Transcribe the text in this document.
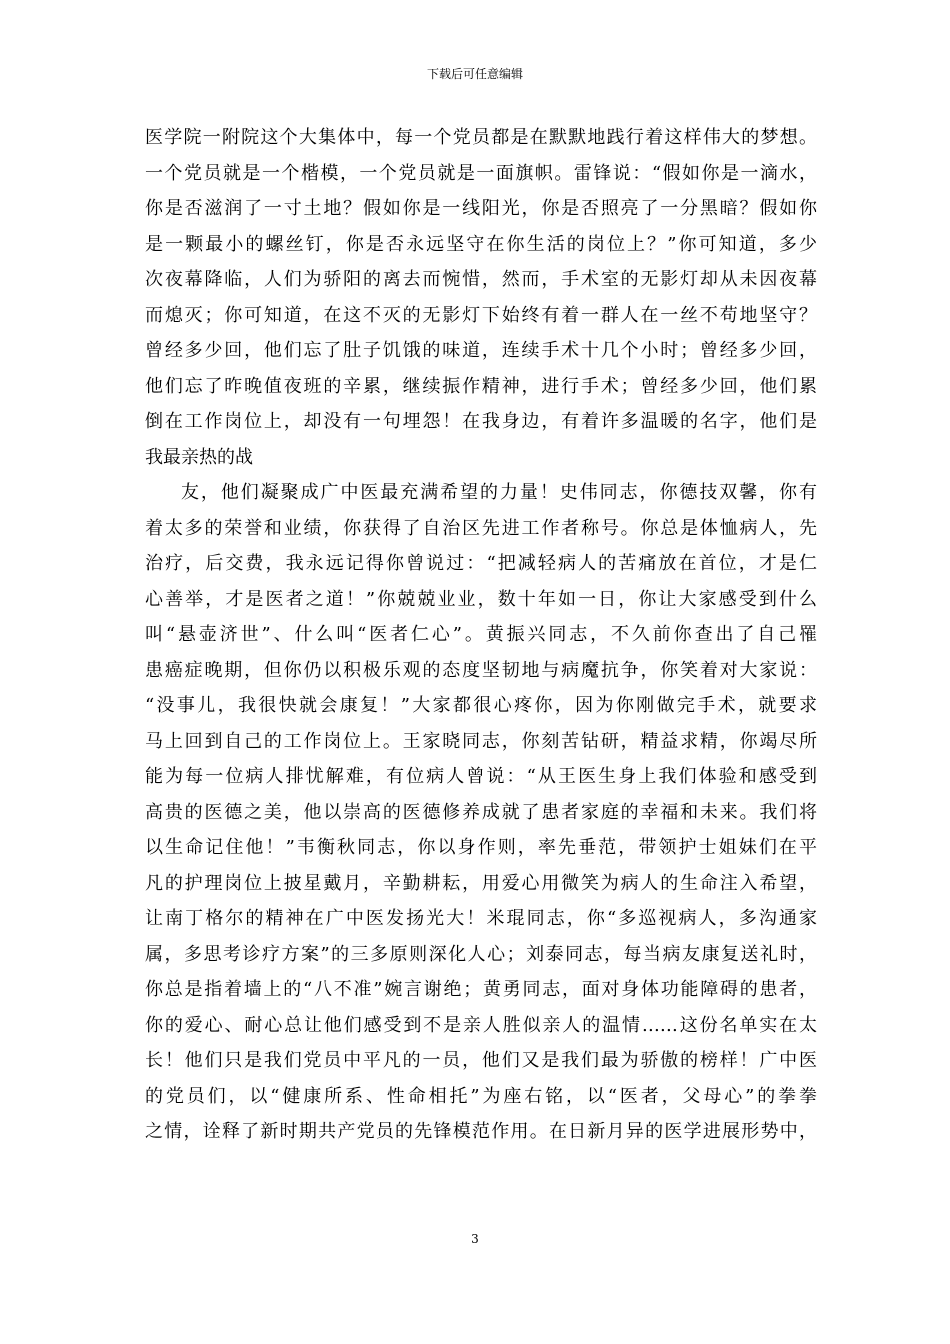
下载后可任意编辑
医学院一附院这个大集体中，每一个党员都是在默默地践行着这样伟大的梦想。
一个党员就是一个楷模，一个党员就是一面旗帜。雷锋说：“假如你是一滴水，
你是否滋润了一寸土地？假如你是一线阳光，你是否照亮了一分黑暗？假如你
是一颗最小的螺丝钉，你是否永远坚守在你生活的岗位上？”你可知道，多少
次夜幕降临，人们为骄阳的离去而惋惜，然而，手术室的无影灯却从未因夜幕
而熄灭；你可知道，在这不灭的无影灯下始终有着一群人在一丝不苟地坚守？
曾经多少回，他们忘了肚子饥饿的味道，连续手术十几个小时；曾经多少回，
他们忘了昨晚值夜班的辛累，继续振作精神，进行手术；曾经多少回，他们累
倒在工作岗位上，却没有一句埋怨！在我身边，有着许多温暖的名字，他们是
我最亲热的战
友，他们凝聚成广中医最充满希望的力量！史伟同志，你德技双馨，你有
着太多的荣誉和业绩，你获得了自治区先进工作者称号。你总是体恤病人，先
治疗，后交费，我永远记得你曾说过：“把减轻病人的苦痛放在首位，才是仁
心善举，才是医者之道！”你兢兢业业，数十年如一日，你让大家感受到什么
叫“悬壶济世”、什么叫“医者仁心”。黄振兴同志，不久前你查出了自己罹
患癌症晚期，但你仍以积极乐观的态度坚韧地与病魔抗争，你笑着对大家说：
“没事儿，我很快就会康复！”大家都很心疼你，因为你刚做完手术，就要求
马上回到自己的工作岗位上。王家晓同志，你刻苦钻研，精益求精，你竭尽所
能为每一位病人排忧解难，有位病人曾说：“从王医生身上我们体验和感受到
高贵的医德之美，他以崇高的医德修养成就了患者家庭的幸福和未来。我们将
以生命记住他！”韦衡秋同志，你以身作则，率先垂范，带领护士姐妹们在平
凡的护理岗位上披星戴月，辛勤耕耘，用爱心用微笑为病人的生命注入希望，
让南丁格尔的精神在广中医发扬光大！米琨同志，你“多巡视病人，多沟通家
属，多思考诊疗方案”的三多原则深化人心；刘泰同志，每当病友康复送礼时，
你总是指着墙上的“八不准”婉言谢绝；黄勇同志，面对身体功能障碍的患者，
你的爱心、耐心总让他们感受到不是亲人胜似亲人的温情……这份名单实在太
长！他们只是我们党员中平凡的一员，他们又是我们最为骄傲的榜样！广中医
的党员们，以“健康所系、性命相托”为座右铭，以“医者，父母心”的拳拳
之情，诠释了新时期共产党员的先锋模范作用。在日新月异的医学进展形势中，
3
